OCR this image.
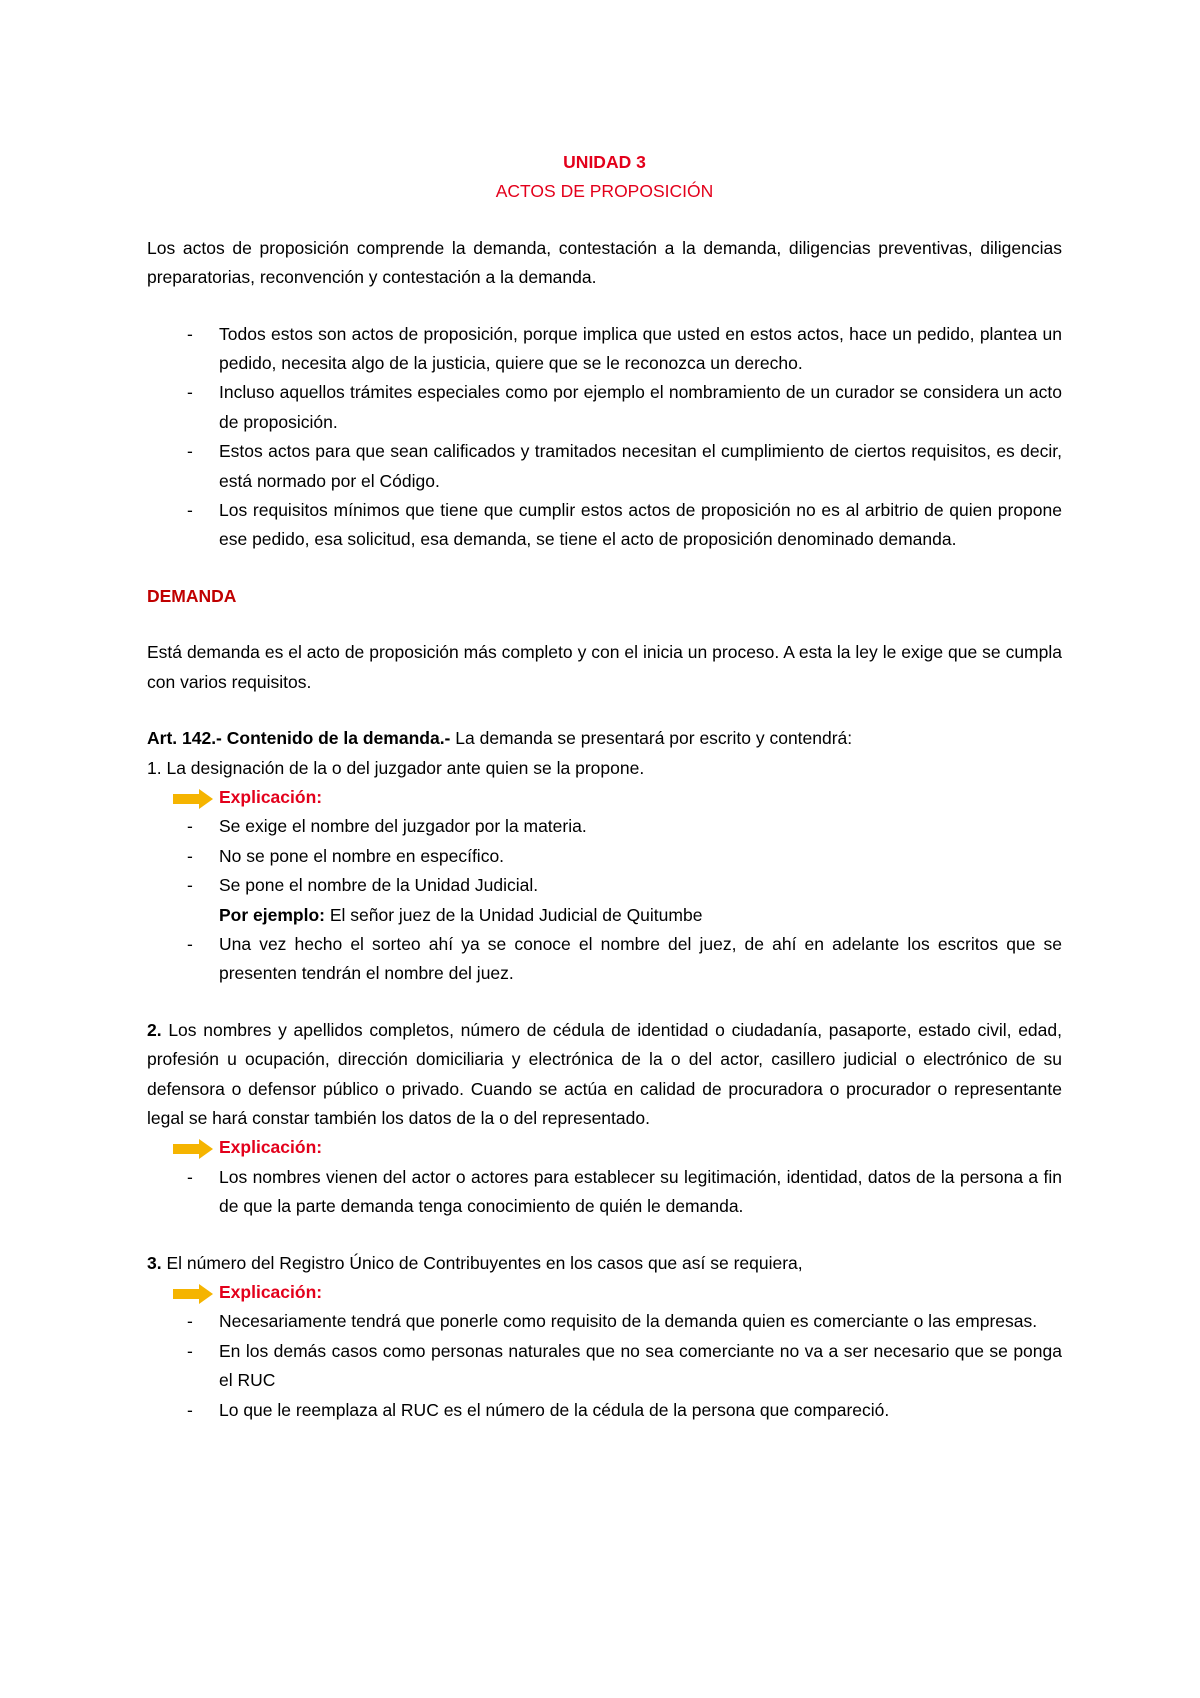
UNIDAD 3
ACTOS DE PROPOSICIÓN

Los actos de proposición comprende la demanda, contestación a la demanda, diligencias preventivas, diligencias preparatorias, reconvención y contestación a la demanda.

- Todos estos son actos de proposición, porque implica que usted en estos actos, hace un pedido, plantea un pedido, necesita algo de la justicia, quiere que se le reconozca un derecho.
- Incluso aquellos trámites especiales como por ejemplo el nombramiento de un curador se considera un acto de proposición.
- Estos actos para que sean calificados y tramitados necesitan el cumplimiento de ciertos requisitos, es decir, está normado por el Código.
- Los requisitos mínimos que tiene que cumplir estos actos de proposición no es al arbitrio de quien propone ese pedido, esa solicitud, esa demanda, se tiene el acto de proposición denominado demanda.
DEMANDA

Está demanda es el acto de proposición más completo y con el inicia un proceso. A esta la ley le exige que se cumpla con varios requisitos.

Art. 142.- Contenido de la demanda.- La demanda se presentará por escrito y contendrá:

1. La designación de la o del juzgador ante quien se la propone.

Explicación:
- Se exige el nombre del juzgador por la materia.
- No se pone el nombre en específico.
- Se pone el nombre de la Unidad Judicial.
Por ejemplo: El señor juez de la Unidad Judicial de Quitumbe
- Una vez hecho el sorteo ahí ya se conoce el nombre del juez, de ahí en adelante los escritos que se presenten tendrán el nombre del juez.

2. Los nombres y apellidos completos, número de cédula de identidad o ciudadanía, pasaporte, estado civil, edad, profesión u ocupación, dirección domiciliaria y electrónica de la o del actor, casillero judicial o electrónico de su defensora o defensor público o privado. Cuando se actúa en calidad de procuradora o procurador o representante legal se hará constar también los datos de la o del representado.

Explicación:
- Los nombres vienen del actor o actores para establecer su legitimación, identidad, datos de la persona a fin de que la parte demanda tenga conocimiento de quién le demanda.

3. El número del Registro Único de Contribuyentes en los casos que así se requiera,

Explicación:
- Necesariamente tendrá que ponerle como requisito de la demanda quien es comerciante o las empresas.
- En los demás casos como personas naturales que no sea comerciante no va a ser necesario que se ponga el RUC
- Lo que le reemplaza al RUC es el número de la cédula de la persona que compareció.
